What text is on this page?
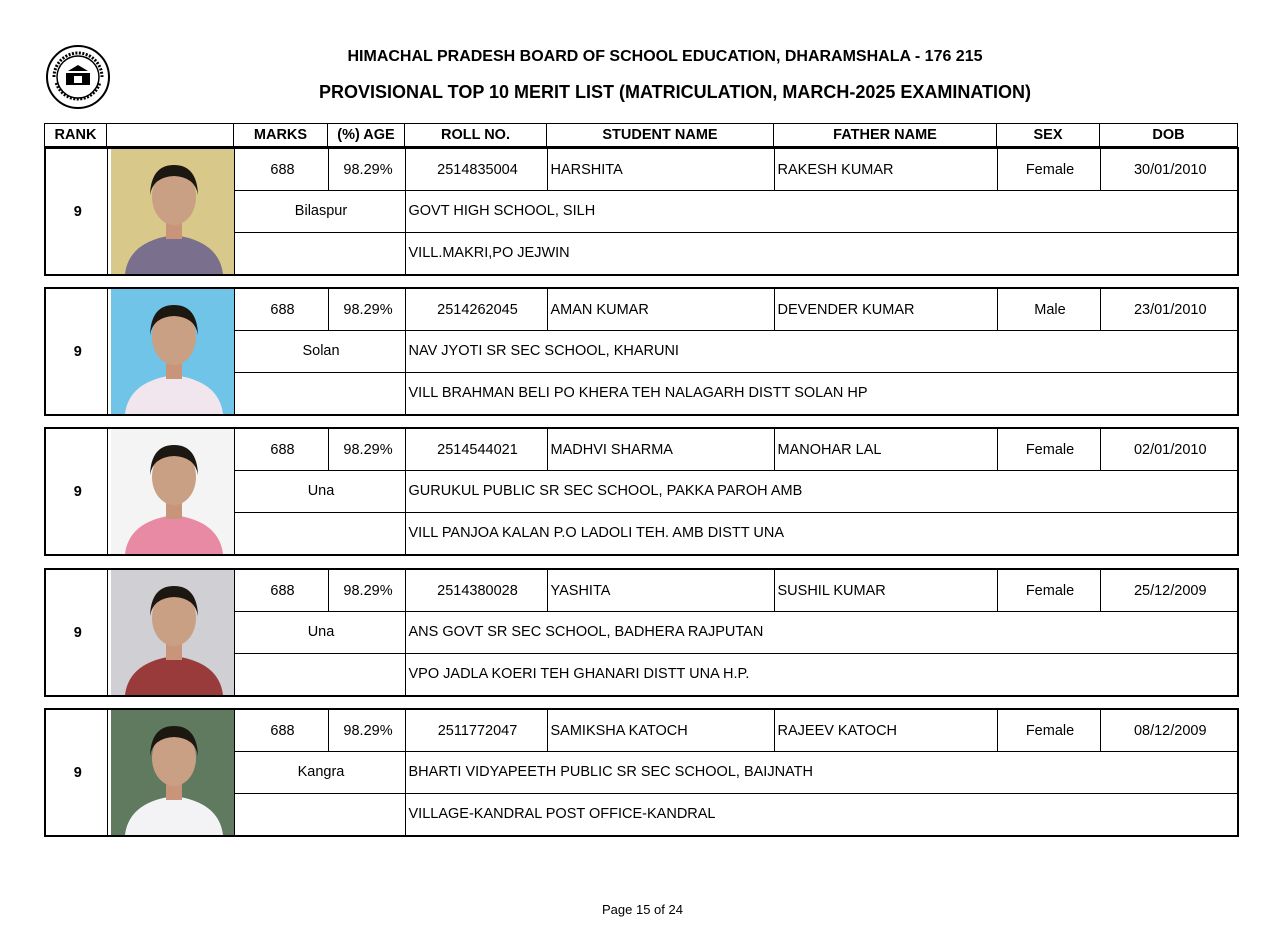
HIMACHAL PRADESH BOARD OF SCHOOL EDUCATION, DHARAMSHALA - 176 215
PROVISIONAL TOP 10 MERIT LIST (MATRICULATION, MARCH-2025 EXAMINATION)
RANK		MARKS	(%) AGE	ROLL NO.	STUDENT NAME	FATHER NAME	SEX	DOB
9		688	98.29%	2514835004	HARSHITA	RAKESH KUMAR	Female	30/01/2010
		Bilaspur		GOVT HIGH SCHOOL, SILH				
				VILL.MAKRI,PO JEJWIN				
9		688	98.29%	2514262045	AMAN KUMAR	DEVENDER KUMAR	Male	23/01/2010
		Solan		NAV JYOTI SR SEC SCHOOL, KHARUNI				
				VILL BRAHMAN BELI PO KHERA TEH NALAGARH DISTT SOLAN HP				
9		688	98.29%	2514544021	MADHVI SHARMA	MANOHAR LAL	Female	02/01/2010
		Una		GURUKUL PUBLIC SR SEC SCHOOL, PAKKA PAROH AMB				
				VILL PANJOA KALAN P.O LADOLI TEH. AMB DISTT UNA				
9		688	98.29%	2514380028	YASHITA	SUSHIL KUMAR	Female	25/12/2009
		Una		ANS GOVT SR SEC SCHOOL, BADHERA RAJPUTAN				
				VPO JADLA KOERI TEH GHANARI DISTT UNA H.P.				
9		688	98.29%	2511772047	SAMIKSHA KATOCH	RAJEEV KATOCH	Female	08/12/2009
		Kangra		BHARTI VIDYAPEETH PUBLIC SR SEC SCHOOL, BAIJNATH				
				VILLAGE-KANDRAL POST OFFICE-KANDRAL				
Page 15 of 24
